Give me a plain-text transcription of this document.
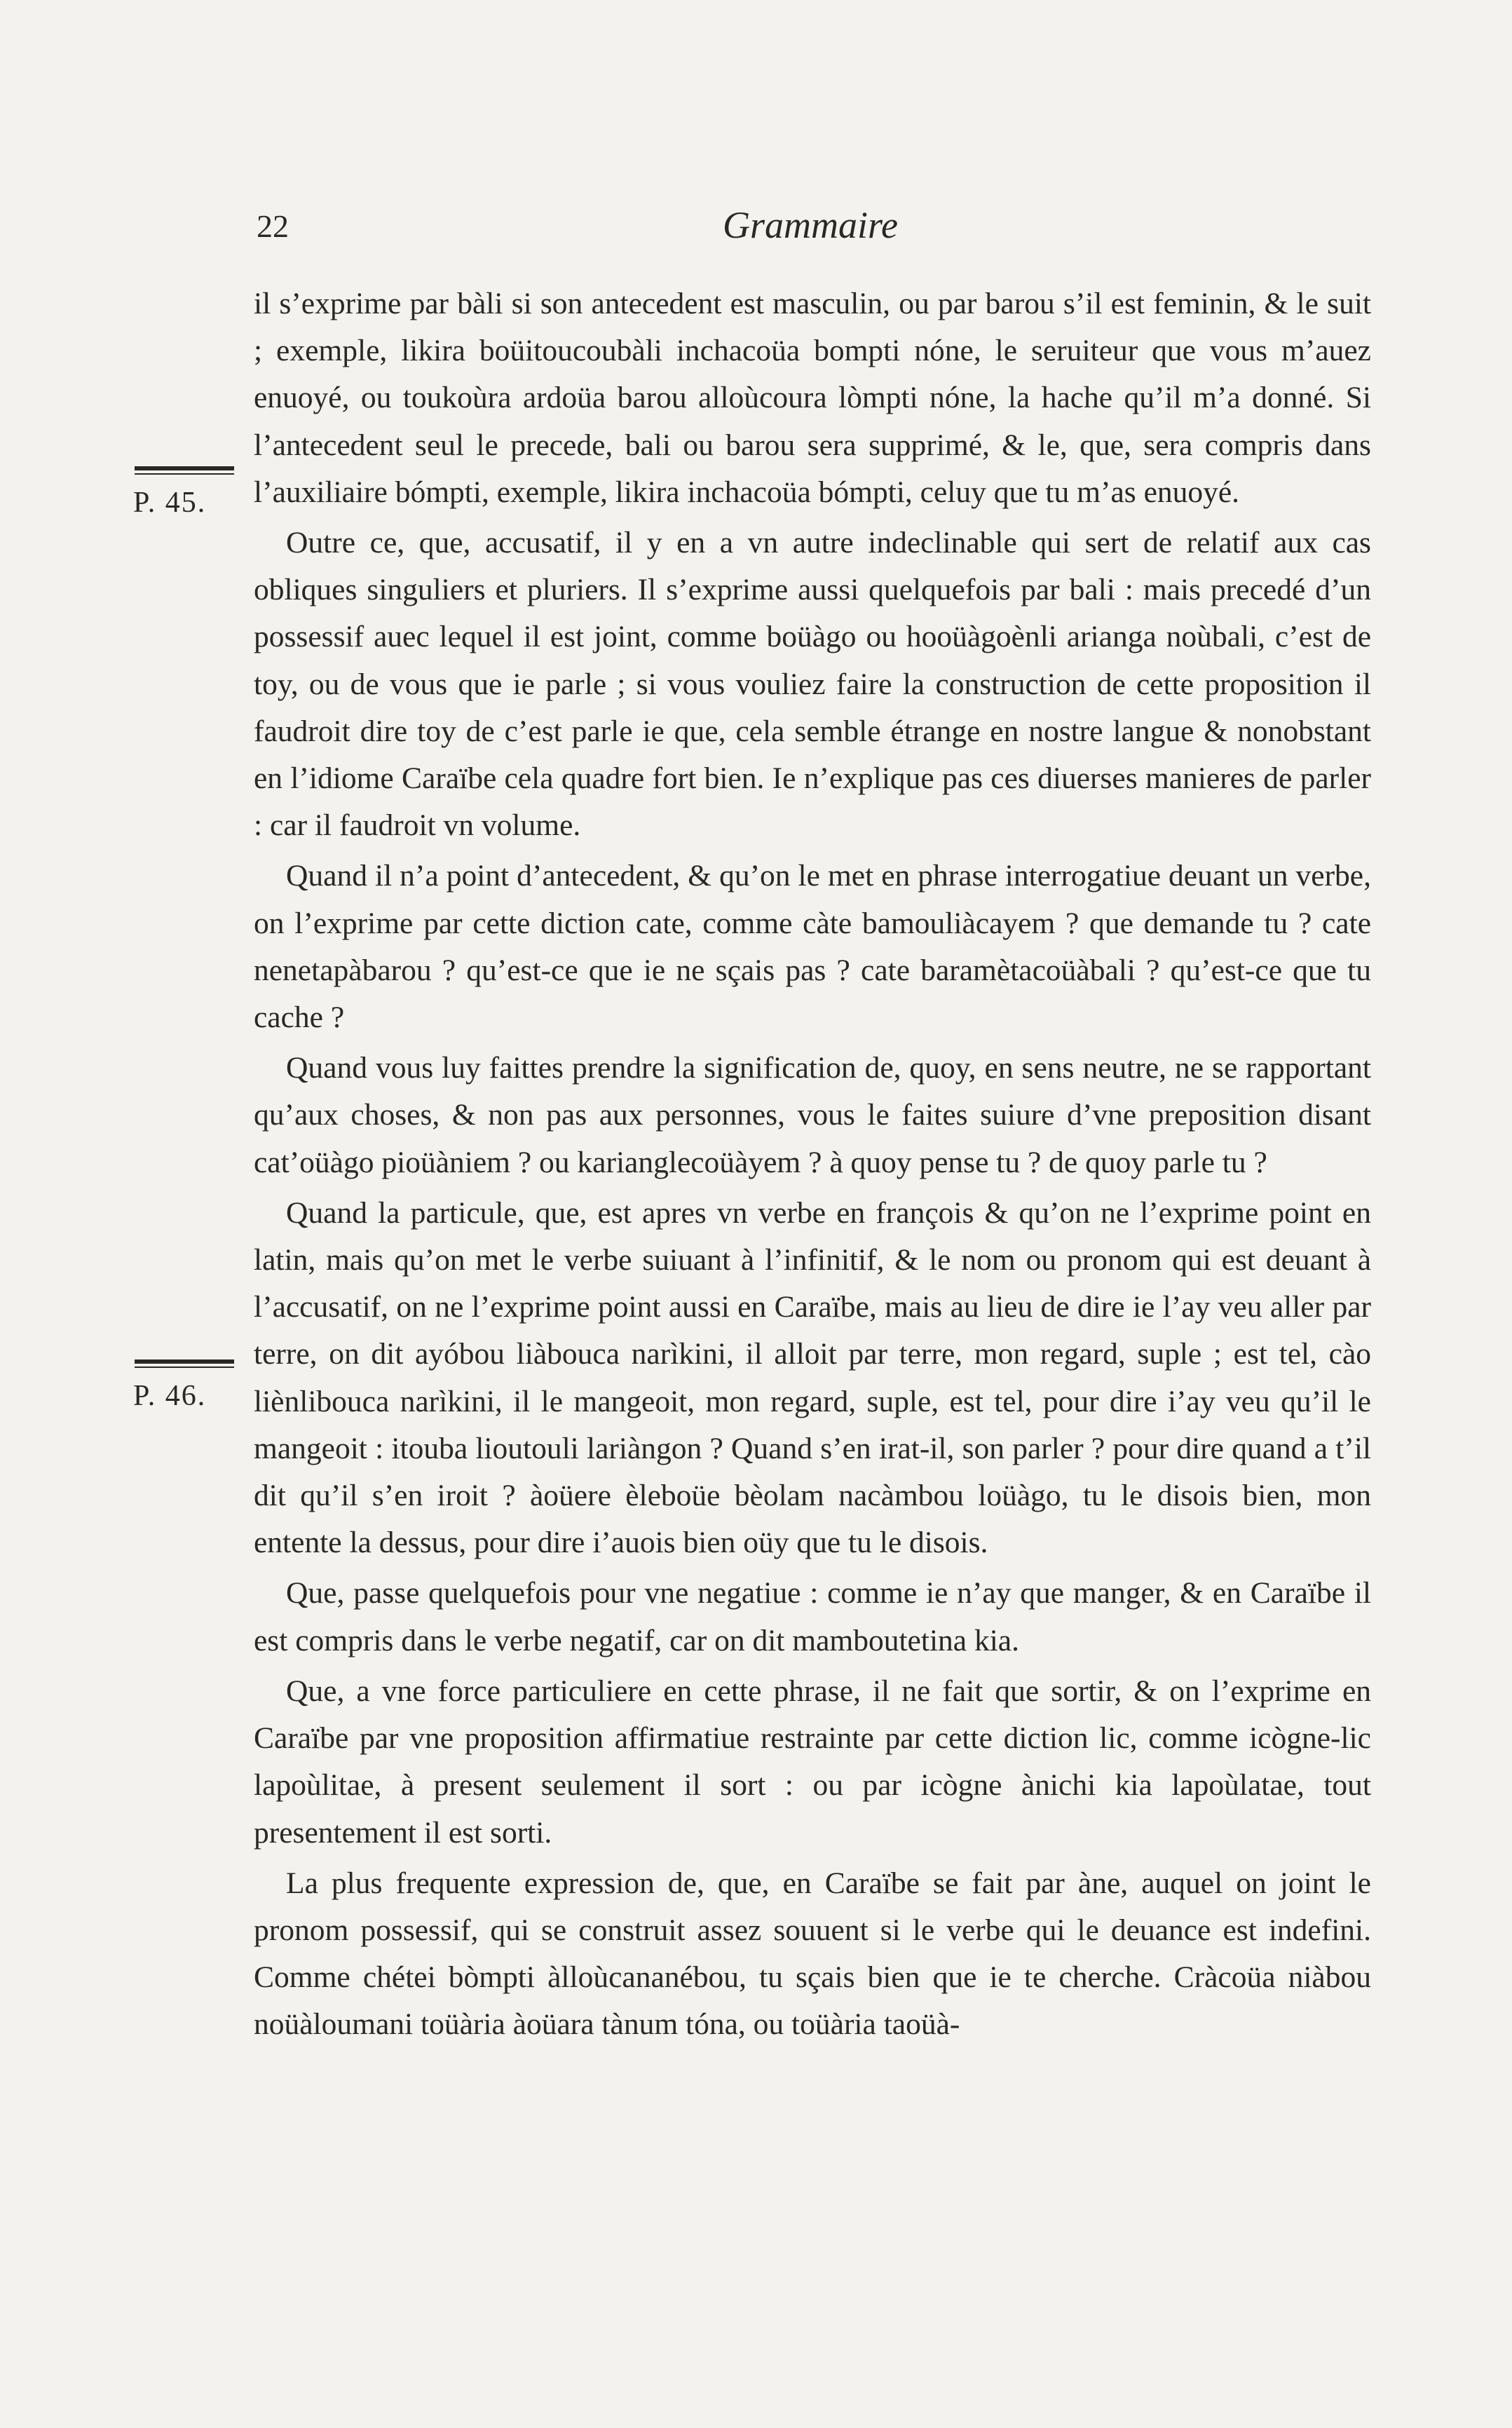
22	Grammaire
P. 45.
P. 46.

il s’exprime par bàli si son antecedent est masculin, ou par barou s’il est feminin, & le suit ; exemple, likira boüitoucoubàli inchacoüa bompti nóne, le seruiteur que vous m’auez enuoyé, ou toukoùra ardoüa barou alloùcoura lòmpti nóne, la hache qu’il m’a donné. Si l’antecedent seul le precede, bali ou barou sera supprimé, & le, que, sera compris dans l’auxiliaire bómpti, exemple, likira inchacoüa bómpti, celuy que tu m’as enuoyé.

Outre ce, que, accusatif, il y en a vn autre indeclinable qui sert de relatif aux cas obliques singuliers et pluriers. Il s’exprime aussi quelquefois par bali : mais precedé d’un possessif auec lequel il est joint, comme boüàgo ou hooüàgoènli arianga noùbali, c’est de toy, ou de vous que ie parle ; si vous vouliez faire la construction de cette proposition il faudroit dire toy de c’est parle ie que, cela semble étrange en nostre langue & nonobstant en l’idiome Caraïbe cela quadre fort bien. Ie n’explique pas ces diuerses manieres de parler : car il faudroit vn volume.

Quand il n’a point d’antecedent, & qu’on le met en phrase interrogatiue deuant un verbe, on l’exprime par cette diction cate, comme càte bamouliàcayem ? que demande tu ? cate nenetapàbarou ? qu’est-ce que ie ne sçais pas ? cate baramètacoüàbali ? qu’est-ce que tu cache ?

Quand vous luy faittes prendre la signification de, quoy, en sens neutre, ne se rapportant qu’aux choses, & non pas aux personnes, vous le faites suiure d’vne preposition disant cat’oüàgo pioüàniem ? ou karianglecoüàyem ? à quoy pense tu ? de quoy parle tu ?

Quand la particule, que, est apres vn verbe en françois & qu’on ne l’exprime point en latin, mais qu’on met le verbe suiuant à l’infinitif, & le nom ou pronom qui est deuant à l’accusatif, on ne l’exprime point aussi en Caraïbe, mais au lieu de dire ie l’ay veu aller par terre, on dit ayóbou liàbouca narìkini, il alloit par terre, mon regard, suple ; est tel, cào liènlibouca narìkini, il le mangeoit, mon regard, suple, est tel, pour dire i’ay veu qu’il le mangeoit : itouba lioutouli lariàngon ? Quand s’en irat-il, son parler ? pour dire quand a t’il dit qu’il s’en iroit ? àoüere èleboüe bèolam nacàmbou loüàgo, tu le disois bien, mon entente la dessus, pour dire i’auois bien oüy que tu le disois.

Que, passe quelquefois pour vne negatiue : comme ie n’ay que manger, & en Caraïbe il est compris dans le verbe negatif, car on dit mamboutetina kia.

Que, a vne force particuliere en cette phrase, il ne fait que sortir, & on l’exprime en Caraïbe par vne proposition affirmatiue restrainte par cette diction lic, comme icògne-lic lapoùlitae, à present seulement il sort : ou par icògne ànichi kia lapoùlatae, tout presentement il est sorti.

La plus frequente expression de, que, en Caraïbe se fait par àne, auquel on joint le pronom possessif, qui se construit assez souuent si le verbe qui le deuance est indefini. Comme chétei bòmpti àlloùcananébou, tu sçais bien que ie te cherche. Cràcoüa niàbou noüàloumani toüària àoüara tànum tóna, ou toüària taoüà-
